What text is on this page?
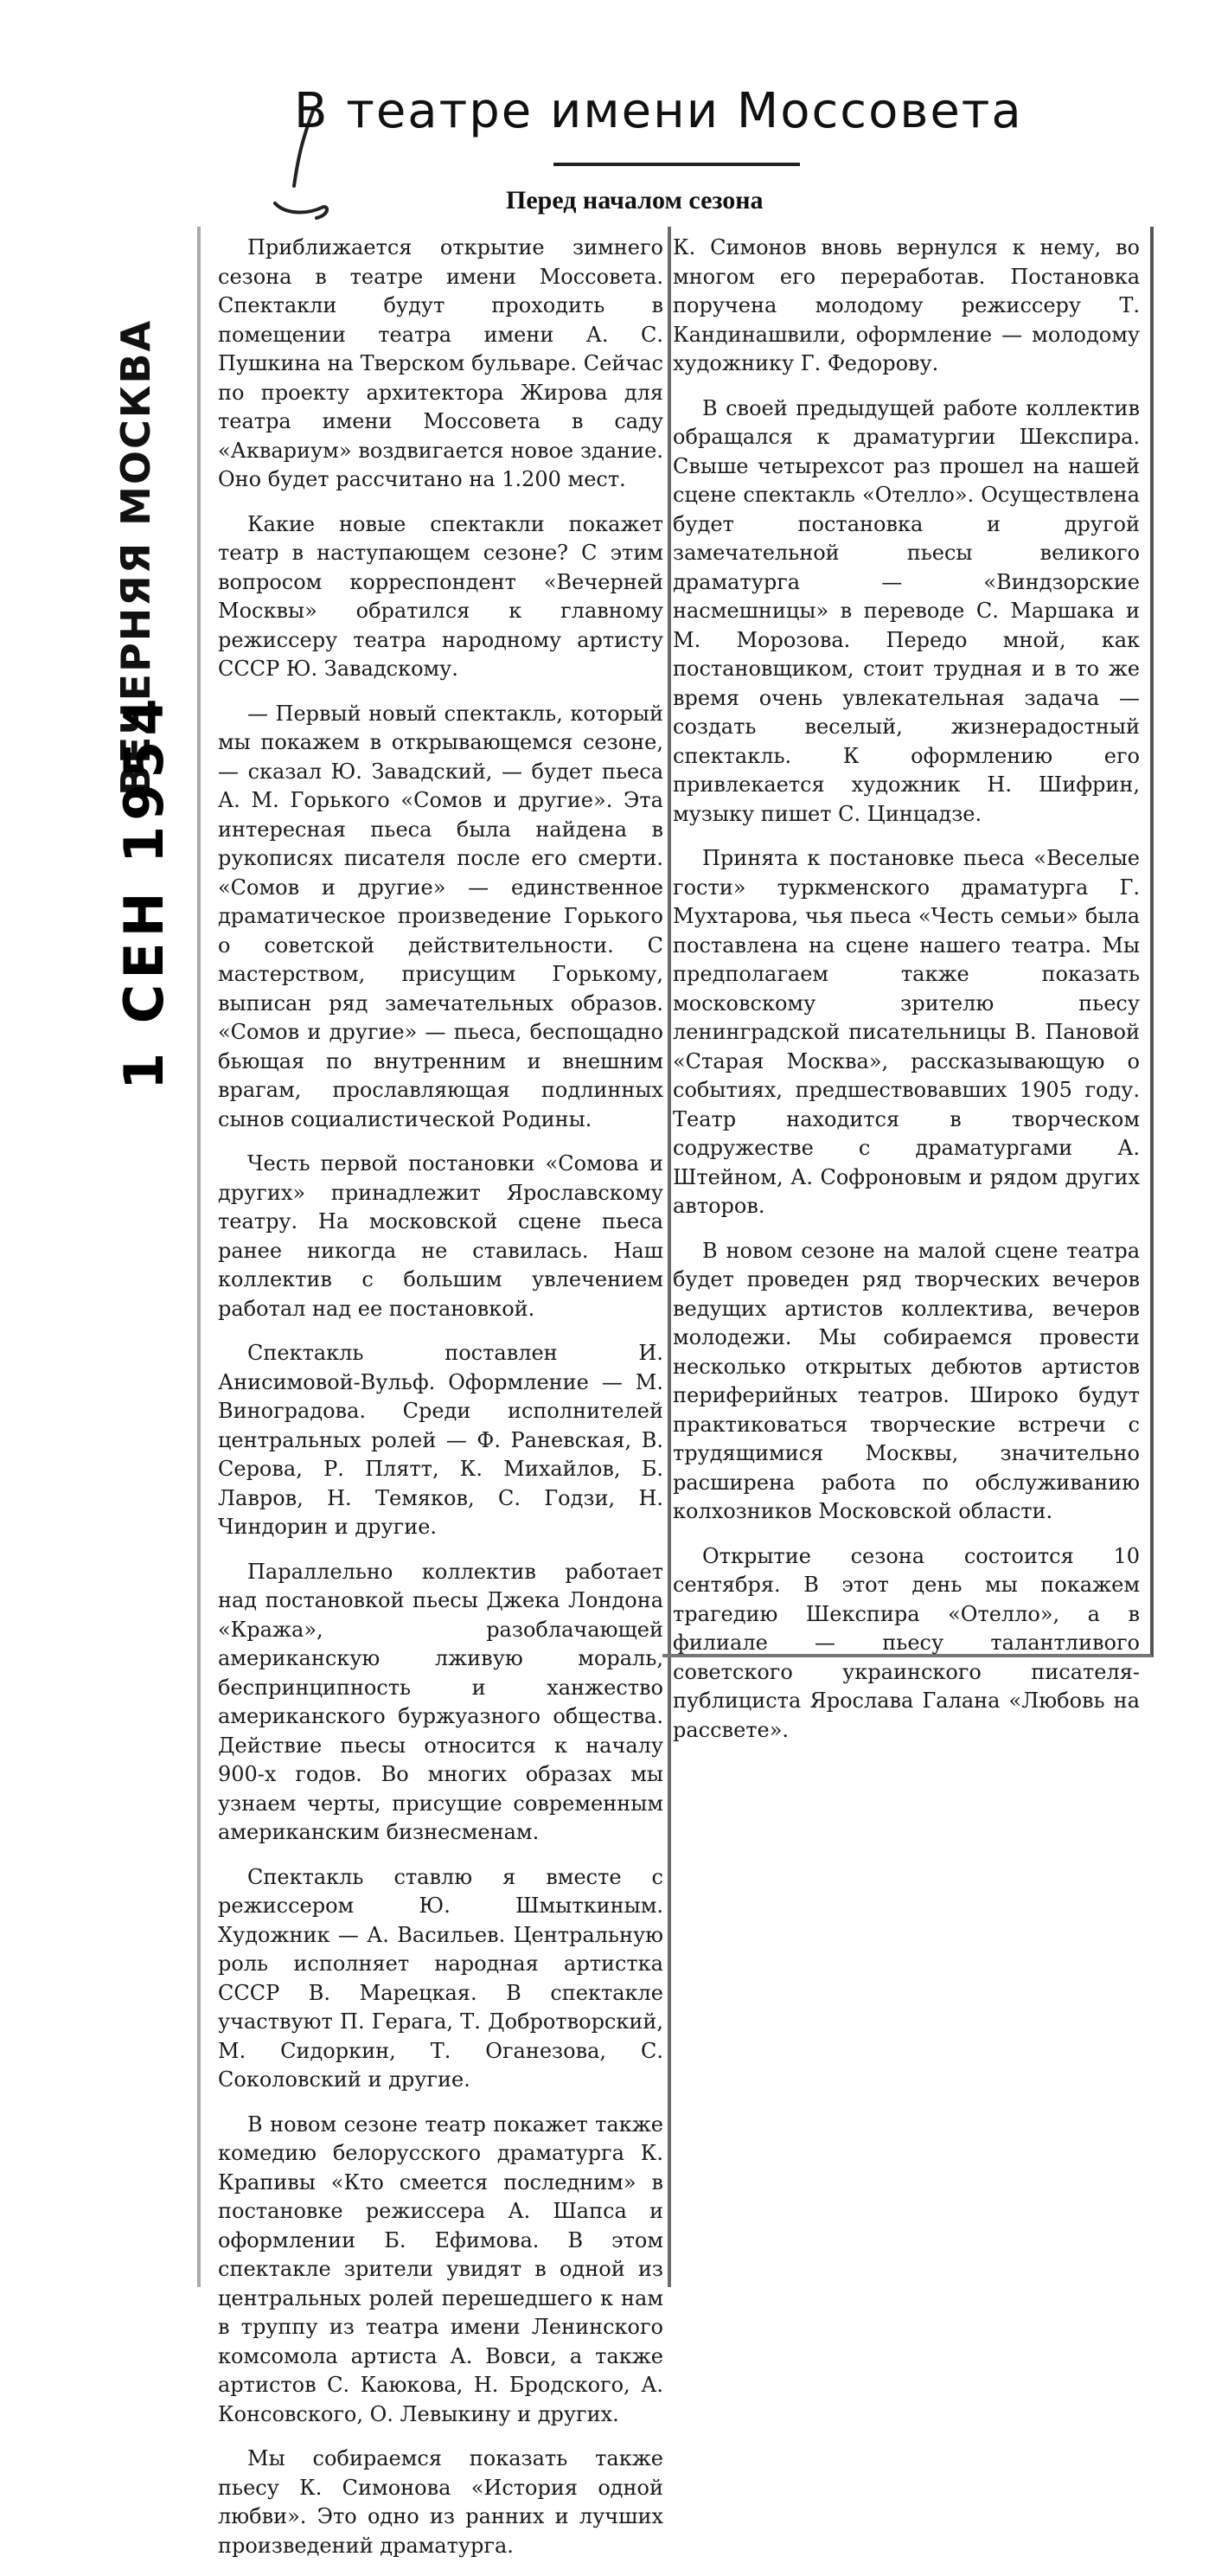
В театре имени Моссовета
Перед началом сезона
ВЕЧЕРНЯЯ МОСКВА
1 СЕН 1954

Приближается открытие зимнего сезона в театре имени Моссовета. Спектакли будут проходить в помещении театра имени А. С. Пушкина на Тверском бульваре. Сейчас по проекту архитектора Жирова для театра имени Моссовета в саду «Аквариум» воздвигается новое здание. Оно будет рассчитано на 1.200 мест.

Какие новые спектакли покажет театр в наступающем сезоне? С этим вопросом корреспондент «Вечерней Москвы» обратился к главному режиссеру театра народному артисту СССР Ю. Завадскому.

— Первый новый спектакль, который мы покажем в открывающемся сезоне, — сказал Ю. Завадский, — будет пьеса А. М. Горького «Сомов и другие». Эта интересная пьеса была найдена в рукописях писателя после его смерти. «Сомов и другие» — единственное драматическое произведение Горького о советской действительности. С мастерством, присущим Горькому, выписан ряд замечательных образов. «Сомов и другие» — пьеса, беспощадно бьющая по внутренним и внешним врагам, прославляющая подлинных сынов социалистической Родины.

Честь первой постановки «Сомова и других» принадлежит Ярославскому театру. На московской сцене пьеса ранее никогда не ставилась. Наш коллектив с большим увлечением работал над ее постановкой.

Спектакль поставлен И. Анисимовой-Вульф. Оформление — М. Виноградова. Среди исполнителей центральных ролей — Ф. Раневская, В. Серова, Р. Плятт, К. Михайлов, Б. Лавров, Н. Темяков, С. Годзи, Н. Чиндорин и другие.

Параллельно коллектив работает над постановкой пьесы Джека Лондона «Кража», разоблачающей американскую лживую мораль, беспринципность и ханжество американского буржуазного общества. Действие пьесы относится к началу 900-х годов. Во многих образах мы узнаем черты, присущие современным американским бизнесменам.

Спектакль ставлю я вместе с режиссером Ю. Шмыткиным. Художник — А. Васильев. Центральную роль исполняет народная артистка СССР В. Марецкая. В спектакле участвуют П. Герага, Т. Добротворский, М. Сидоркин, Т. Оганезова, С. Соколовский и другие.

В новом сезоне театр покажет также комедию белорусского драматурга К. Крапивы «Кто смеется последним» в постановке режиссера А. Шапса и оформлении Б. Ефимова. В этом спектакле зрители увидят в одной из центральных ролей перешедшего к нам в труппу из театра имени Ленинского комсомола артиста А. Вовси, а также артистов С. Каюкова, Н. Бродского, А. Консовского, О. Левыкину и других.

Мы собираемся показать также пьесу К. Симонова «История одной любви». Это одно из ранних и лучших произведений драматурга.

К. Симонов вновь вернулся к нему, во многом его переработав. Постановка поручена молодому режиссеру Т. Кандинашвили, оформление — молодому художнику Г. Федорову.

В своей предыдущей работе коллектив обращался к драматургии Шекспира. Свыше четырехсот раз прошел на нашей сцене спектакль «Отелло». Осуществлена будет постановка и другой замечательной пьесы великого драматурга — «Виндзорские насмешницы» в переводе С. Маршака и М. Морозова. Передо мной, как постановщиком, стоит трудная и в то же время очень увлекательная задача — создать веселый, жизнерадостный спектакль. К оформлению его привлекается художник Н. Шифрин, музыку пишет С. Цинцадзе.

Принята к постановке пьеса «Веселые гости» туркменского драматурга Г. Мухтарова, чья пьеса «Честь семьи» была поставлена на сцене нашего театра. Мы предполагаем также показать московскому зрителю пьесу ленинградской писательницы В. Пановой «Старая Москва», рассказывающую о событиях, предшествовавших 1905 году. Театр находится в творческом содружестве с драматургами А. Штейном, А. Софроновым и рядом других авторов.

В новом сезоне на малой сцене театра будет проведен ряд творческих вечеров ведущих артистов коллектива, вечеров молодежи. Мы собираемся провести несколько открытых дебютов артистов периферийных театров. Широко будут практиковаться творческие встречи с трудящимися Москвы, значительно расширена работа по обслуживанию колхозников Московской области.

Открытие сезона состоится 10 сентября. В этот день мы покажем трагедию Шекспира «Отелло», а в филиале — пьесу талантливого советского украинского писателя-публициста Ярослава Галана «Любовь на рассвете».
